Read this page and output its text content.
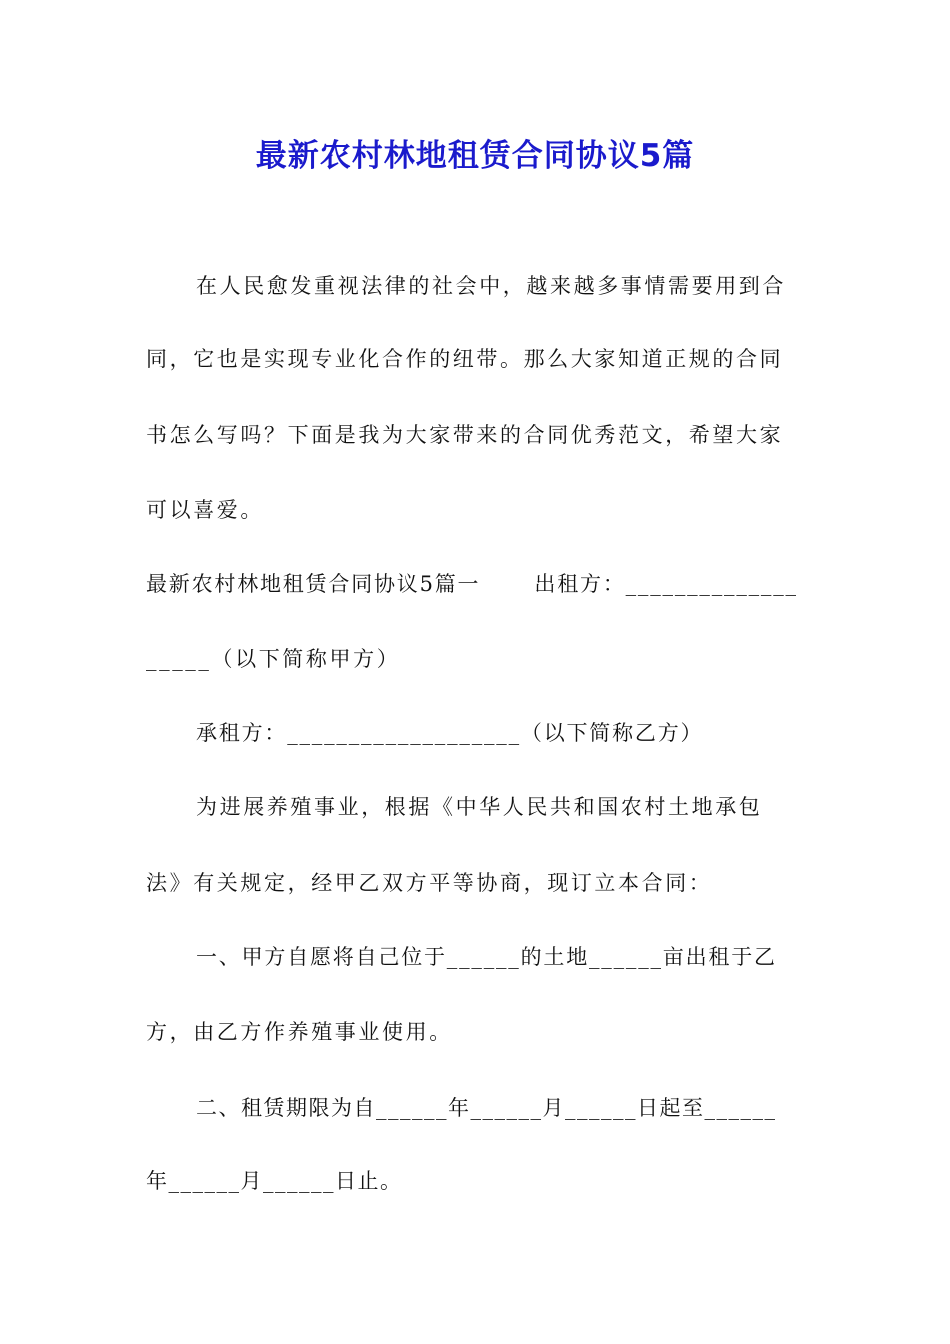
最新农村林地租赁合同协议5篇
在人民愈发重视法律的社会中，越来越多事情需要用到合
同，它也是实现专业化合作的纽带。那么大家知道正规的合同
书怎么写吗？下面是我为大家带来的合同优秀范文，希望大家
可以喜爱。
最新农村林地租赁合同协议5篇一　　 出租方：______________
_____（以下简称甲方）
承租方：___________________（以下简称乙方）
为进展养殖事业，根据《中华人民共和国农村土地承包
法》有关规定，经甲乙双方平等协商，现订立本合同：
一、甲方自愿将自己位于______的土地______亩出租于乙
方，由乙方作养殖事业使用。
二、租赁期限为自______年______月______日起至______
年______月______日止。
